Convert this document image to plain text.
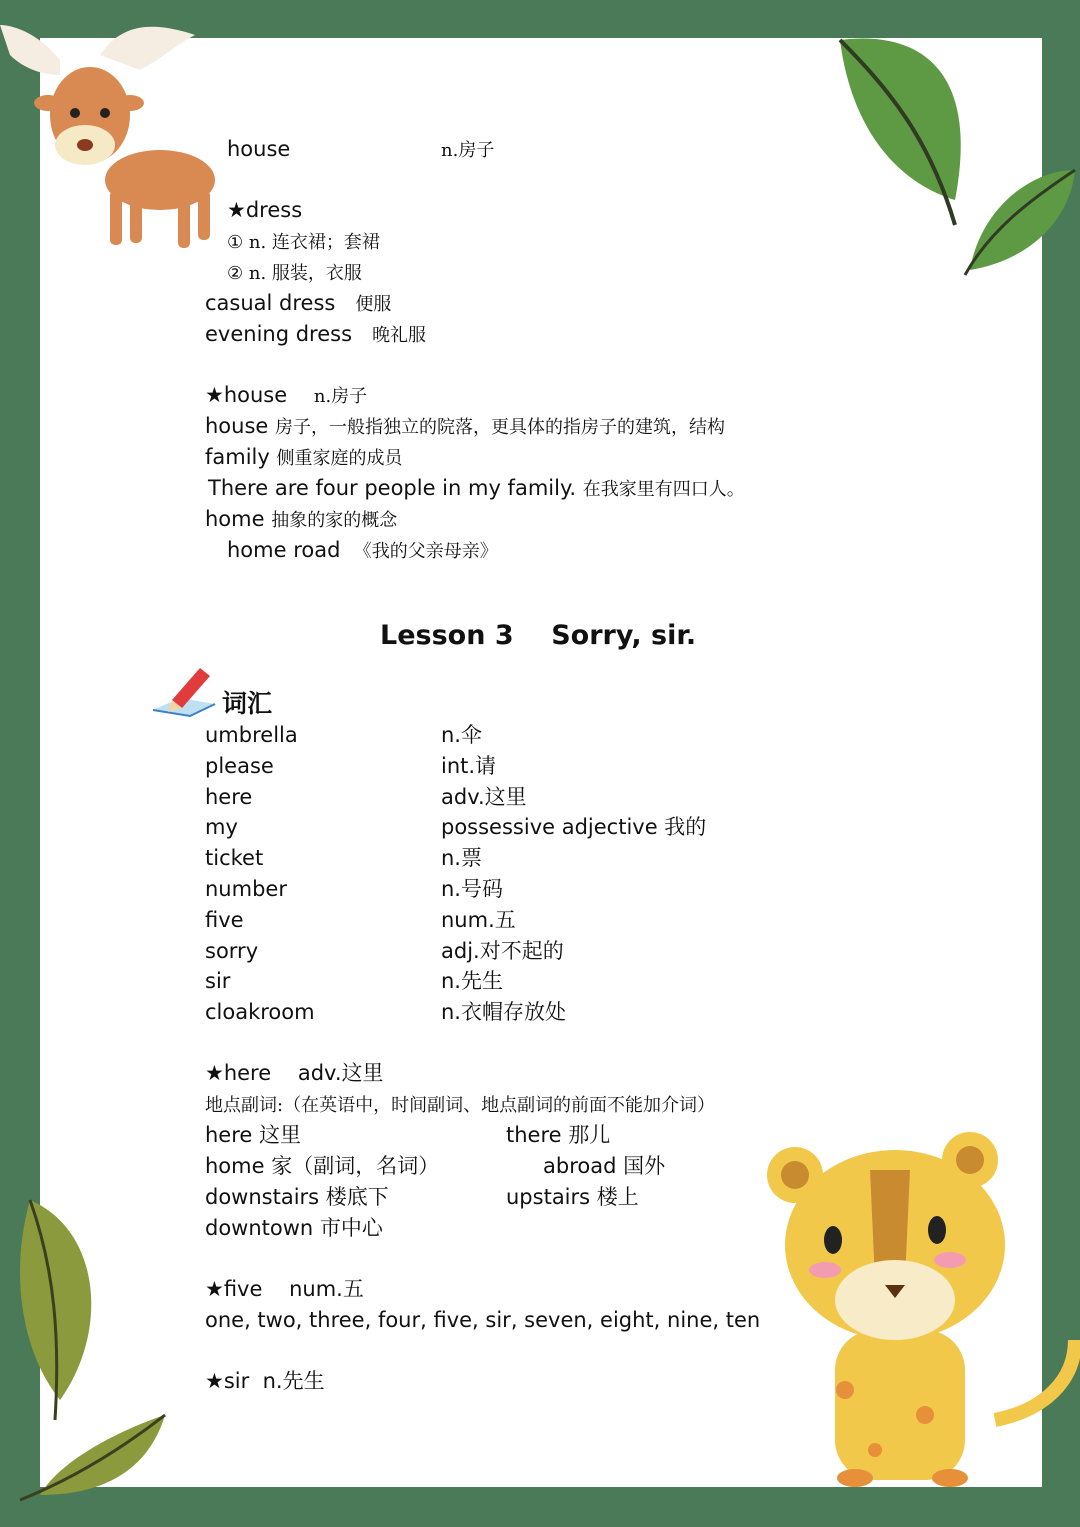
house	n.房子
★dress
① n. 连衣裙；套裙
② n. 服装，衣服
casual dress 便服
evening dress 晚礼服
★house n.房子
house 房子，一般指独立的院落，更具体的指房子的建筑，结构
family 侧重家庭的成员
There are four people in my family. 在我家里有四口人。
home 抽象的家的概念
home road 《我的父亲母亲》
Lesson 3 Sorry, sir.
词汇
umbrella	n.伞
please	int.请
here	adv.这里
my	possessive adjective 我的
ticket	n.票
number	n.号码
five	num.五
sorry	adj.对不起的
sir	n.先生
cloakroom	n.衣帽存放处
★here adv.这里
地点副词:（在英语中，时间副词、地点副词的前面不能加介词）
here 这里	there 那儿
home 家（副词，名词）	abroad 国外
downstairs 楼底下	upstairs 楼上
downtown 市中心
★five num.五
one, two, three, four, five, sir, seven, eight, nine, ten
★sir n.先生
